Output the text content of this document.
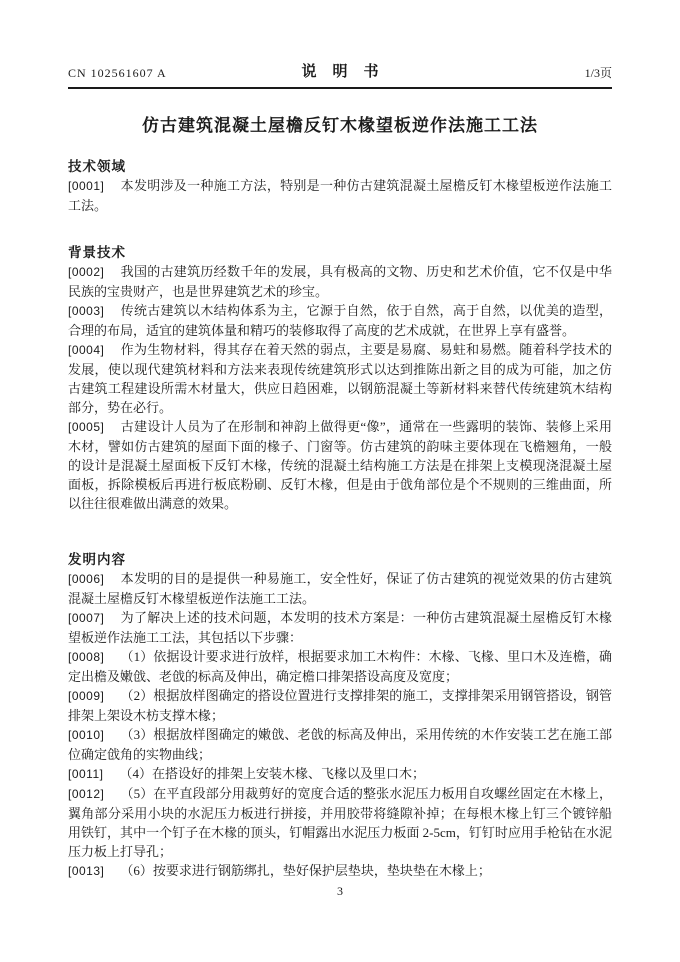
CN 102561607 A	说明书	1/3页
仿古建筑混凝土屋檐反钉木椽望板逆作法施工工法
技术领域

[0001] 本发明涉及一种施工方法，特别是一种仿古建筑混凝土屋檐反钉木椽望板逆作法施工工法。

背景技术

[0002] 我国的古建筑历经数千年的发展，具有极高的文物、历史和艺术价值，它不仅是中华民族的宝贵财产，也是世界建筑艺术的珍宝。

[0003] 传统古建筑以木结构体系为主，它源于自然，依于自然，高于自然，以优美的造型，合理的布局，适宜的建筑体量和精巧的装修取得了高度的艺术成就，在世界上享有盛誉。

[0004] 作为生物材料，得其存在着天然的弱点，主要是易腐、易蛀和易燃。随着科学技术的发展，使以现代建筑材料和方法来表现传统建筑形式以达到推陈出新之目的成为可能，加之仿古建筑工程建设所需木材量大，供应日趋困难，以钢筋混凝土等新材料来替代传统建筑木结构部分，势在必行。

[0005] 古建设计人员为了在形制和神韵上做得更“像”，通常在一些露明的装饰、装修上采用木材，譬如仿古建筑的屋面下面的椽子、门窗等。仿古建筑的韵味主要体现在飞檐翘角，一般的设计是混凝土屋面板下反钉木椽，传统的混凝土结构施工方法是在排架上支模现浇混凝土屋面板，拆除模板后再进行板底粉刷、反钉木椽，但是由于戗角部位是个不规则的三维曲面，所以往往很难做出满意的效果。

发明内容

[0006] 本发明的目的是提供一种易施工，安全性好，保证了仿古建筑的视觉效果的仿古建筑混凝土屋檐反钉木椽望板逆作法施工工法。

[0007] 为了解决上述的技术问题，本发明的技术方案是：一种仿古建筑混凝土屋檐反钉木椽望板逆作法施工工法，其包括以下步骤：

[0008] （1）依据设计要求进行放样，根据要求加工木构件：木椽、飞椽、里口木及连檐，确定出檐及嫩戗、老戗的标高及伸出，确定檐口排架搭设高度及宽度；

[0009] （2）根据放样图确定的搭设位置进行支撑排架的施工，支撑排架采用钢管搭设，钢管排架上架设木枋支撑木椽；

[0010] （3）根据放样图确定的嫩戗、老戗的标高及伸出，采用传统的木作安装工艺在施工部位确定戗角的实物曲线；

[0011] （4）在搭设好的排架上安装木椽、飞椽以及里口木；

[0012] （5）在平直段部分用裁剪好的宽度合适的整张水泥压力板用自攻螺丝固定在木椽上，翼角部分采用小块的水泥压力板进行拼接，并用胶带将缝隙补掉；在每根木椽上钉三个镀锌船用铁钉，其中一个钉子在木椽的顶头，钉帽露出水泥压力板面 2-5cm，钉钉时应用手枪钻在水泥压力板上打导孔；

[0013] （6）按要求进行钢筋绑扎，垫好保护层垫块，垫块垫在木椽上；

3
